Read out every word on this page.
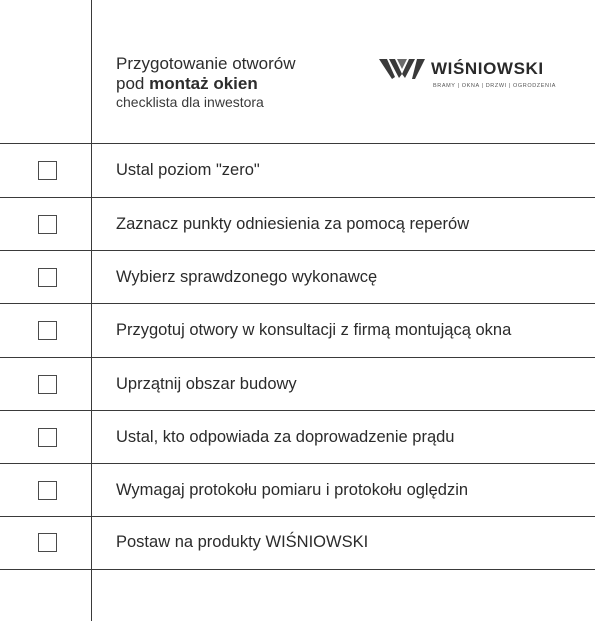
Przygotowanie otworów
pod montaż okien
checklista dla inwestora
WIŚNIOWSKI
BRAMY | OKNA | DRZWI | OGRODZENIA
Ustal poziom "zero"
Zaznacz punkty odniesienia za pomocą reperów
Wybierz sprawdzonego wykonawcę
Przygotuj otwory w konsultacji z firmą montującą okna
Uprzątnij obszar budowy
Ustal, kto odpowiada za doprowadzenie prądu
Wymagaj protokołu pomiaru i protokołu oględzin
Postaw na produkty WIŚNIOWSKI
